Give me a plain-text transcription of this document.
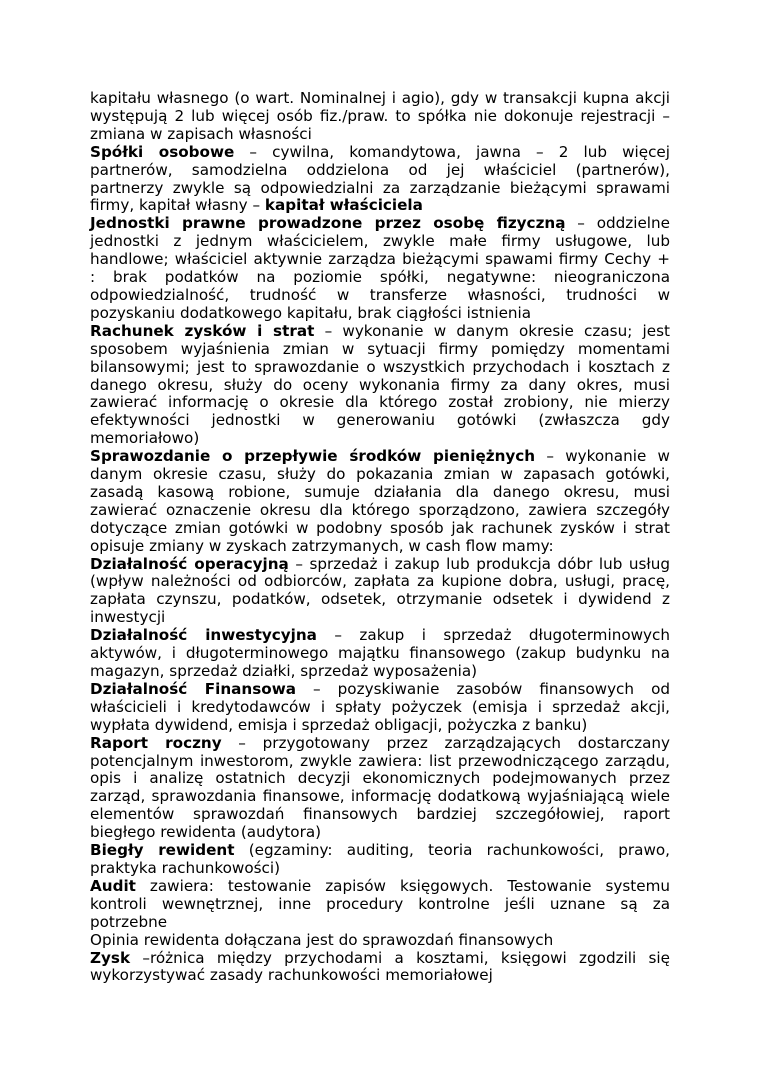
kapitału własnego (o wart. Nominalnej i agio), gdy w transakcji kupna akcji
występują 2 lub więcej osób fiz./praw. to spółka nie dokonuje rejestracji –
zmiana w zapisach własności
Spółki osobowe – cywilna, komandytowa, jawna – 2 lub więcej
partnerów, samodzielna oddzielona od jej właściciel (partnerów),
partnerzy zwykle są odpowiedzialni za zarządzanie bieżącymi sprawami
firmy, kapitał własny – kapitał właściciela
Jednostki prawne prowadzone przez osobę fizyczną – oddzielne
jednostki z jednym właścicielem, zwykle małe firmy usługowe, lub
handlowe; właściciel aktywnie zarządza bieżącymi spawami firmy Cechy +
: brak podatków na poziomie spółki, negatywne: nieograniczona
odpowiedzialność, trudność w transferze własności, trudności w
pozyskaniu dodatkowego kapitału, brak ciągłości istnienia
Rachunek zysków i strat – wykonanie w danym okresie czasu; jest
sposobem wyjaśnienia zmian w sytuacji firmy pomiędzy momentami
bilansowymi; jest to sprawozdanie o wszystkich przychodach i kosztach z
danego okresu, służy do oceny wykonania firmy za dany okres, musi
zawierać informację o okresie dla którego został zrobiony, nie mierzy
efektywności jednostki w generowaniu gotówki (zwłaszcza gdy
memoriałowo)
Sprawozdanie o przepływie środków pieniężnych – wykonanie w
danym okresie czasu, służy do pokazania zmian w zapasach gotówki,
zasadą kasową robione, sumuje działania dla danego okresu, musi
zawierać oznaczenie okresu dla którego sporządzono, zawiera szczegóły
dotyczące zmian gotówki w podobny sposób jak rachunek zysków i strat
opisuje zmiany w zyskach zatrzymanych, w cash flow mamy:
Działalność operacyjną – sprzedaż i zakup lub produkcja dóbr lub usług
(wpływ należności od odbiorców, zapłata za kupione dobra, usługi, pracę,
zapłata czynszu, podatków, odsetek, otrzymanie odsetek i dywidend z
inwestycji
Działalność inwestycyjna – zakup i sprzedaż długoterminowych
aktywów, i długoterminowego majątku finansowego (zakup budynku na
magazyn, sprzedaż działki, sprzedaż wyposażenia)
Działalność Finansowa – pozyskiwanie zasobów finansowych od
właścicieli i kredytodawców i spłaty pożyczek (emisja i sprzedaż akcji,
wypłata dywidend, emisja i sprzedaż obligacji, pożyczka z banku)
Raport roczny – przygotowany przez zarządzających dostarczany
potencjalnym inwestorom, zwykle zawiera: list przewodniczącego zarządu,
opis i analizę ostatnich decyzji ekonomicznych podejmowanych przez
zarząd, sprawozdania finansowe, informację dodatkową wyjaśniającą wiele
elementów sprawozdań finansowych bardziej szczegółowiej, raport
biegłego rewidenta (audytora)
Biegły rewident (egzaminy: auditing, teoria rachunkowości, prawo,
praktyka rachunkowości)
Audit zawiera: testowanie zapisów księgowych. Testowanie systemu
kontroli wewnętrznej, inne procedury kontrolne jeśli uznane są za
potrzebne
Opinia rewidenta dołączana jest do sprawozdań finansowych
Zysk –różnica między przychodami a kosztami, księgowi zgodzili się
wykorzystywać zasady rachunkowości memoriałowej
